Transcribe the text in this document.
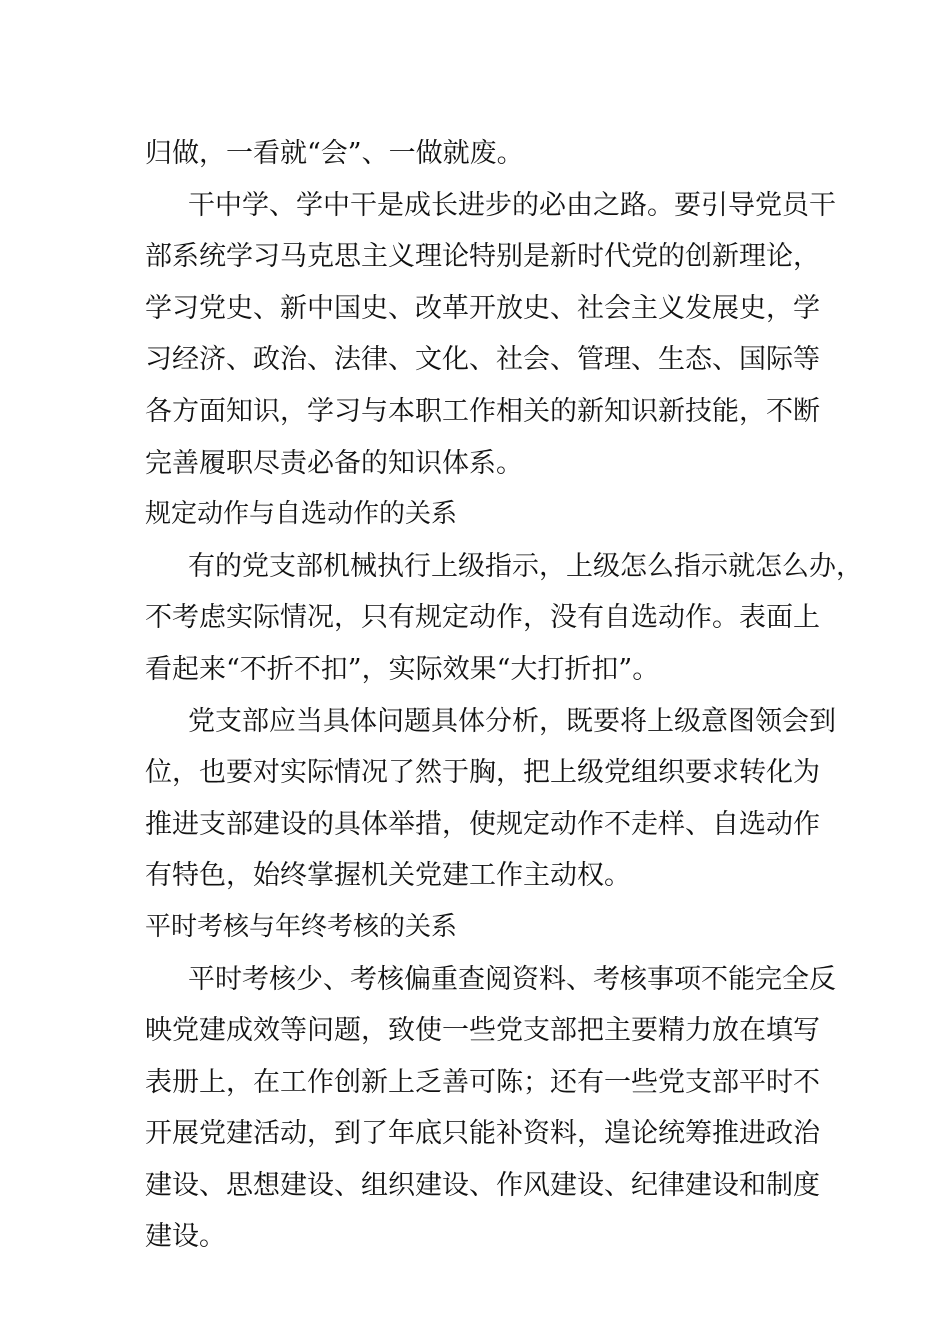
归做，一看就“会”、一做就废。
干中学、学中干是成长进步的必由之路。要引导党员干
部系统学习马克思主义理论特别是新时代党的创新理论，
学习党史、新中国史、改革开放史、社会主义发展史，学
习经济、政治、法律、文化、社会、管理、生态、国际等
各方面知识，学习与本职工作相关的新知识新技能，不断
完善履职尽责必备的知识体系。
规定动作与自选动作的关系
有的党支部机械执行上级指示，上级怎么指示就怎么办，
不考虑实际情况，只有规定动作，没有自选动作。表面上
看起来“不折不扣”，实际效果“大打折扣”。
党支部应当具体问题具体分析，既要将上级意图领会到
位，也要对实际情况了然于胸，把上级党组织要求转化为
推进支部建设的具体举措，使规定动作不走样、自选动作
有特色，始终掌握机关党建工作主动权。
平时考核与年终考核的关系
平时考核少、考核偏重查阅资料、考核事项不能完全反
映党建成效等问题，致使一些党支部把主要精力放在填写
表册上，在工作创新上乏善可陈；还有一些党支部平时不
开展党建活动，到了年底只能补资料，遑论统筹推进政治
建设、思想建设、组织建设、作风建设、纪律建设和制度
建设。
